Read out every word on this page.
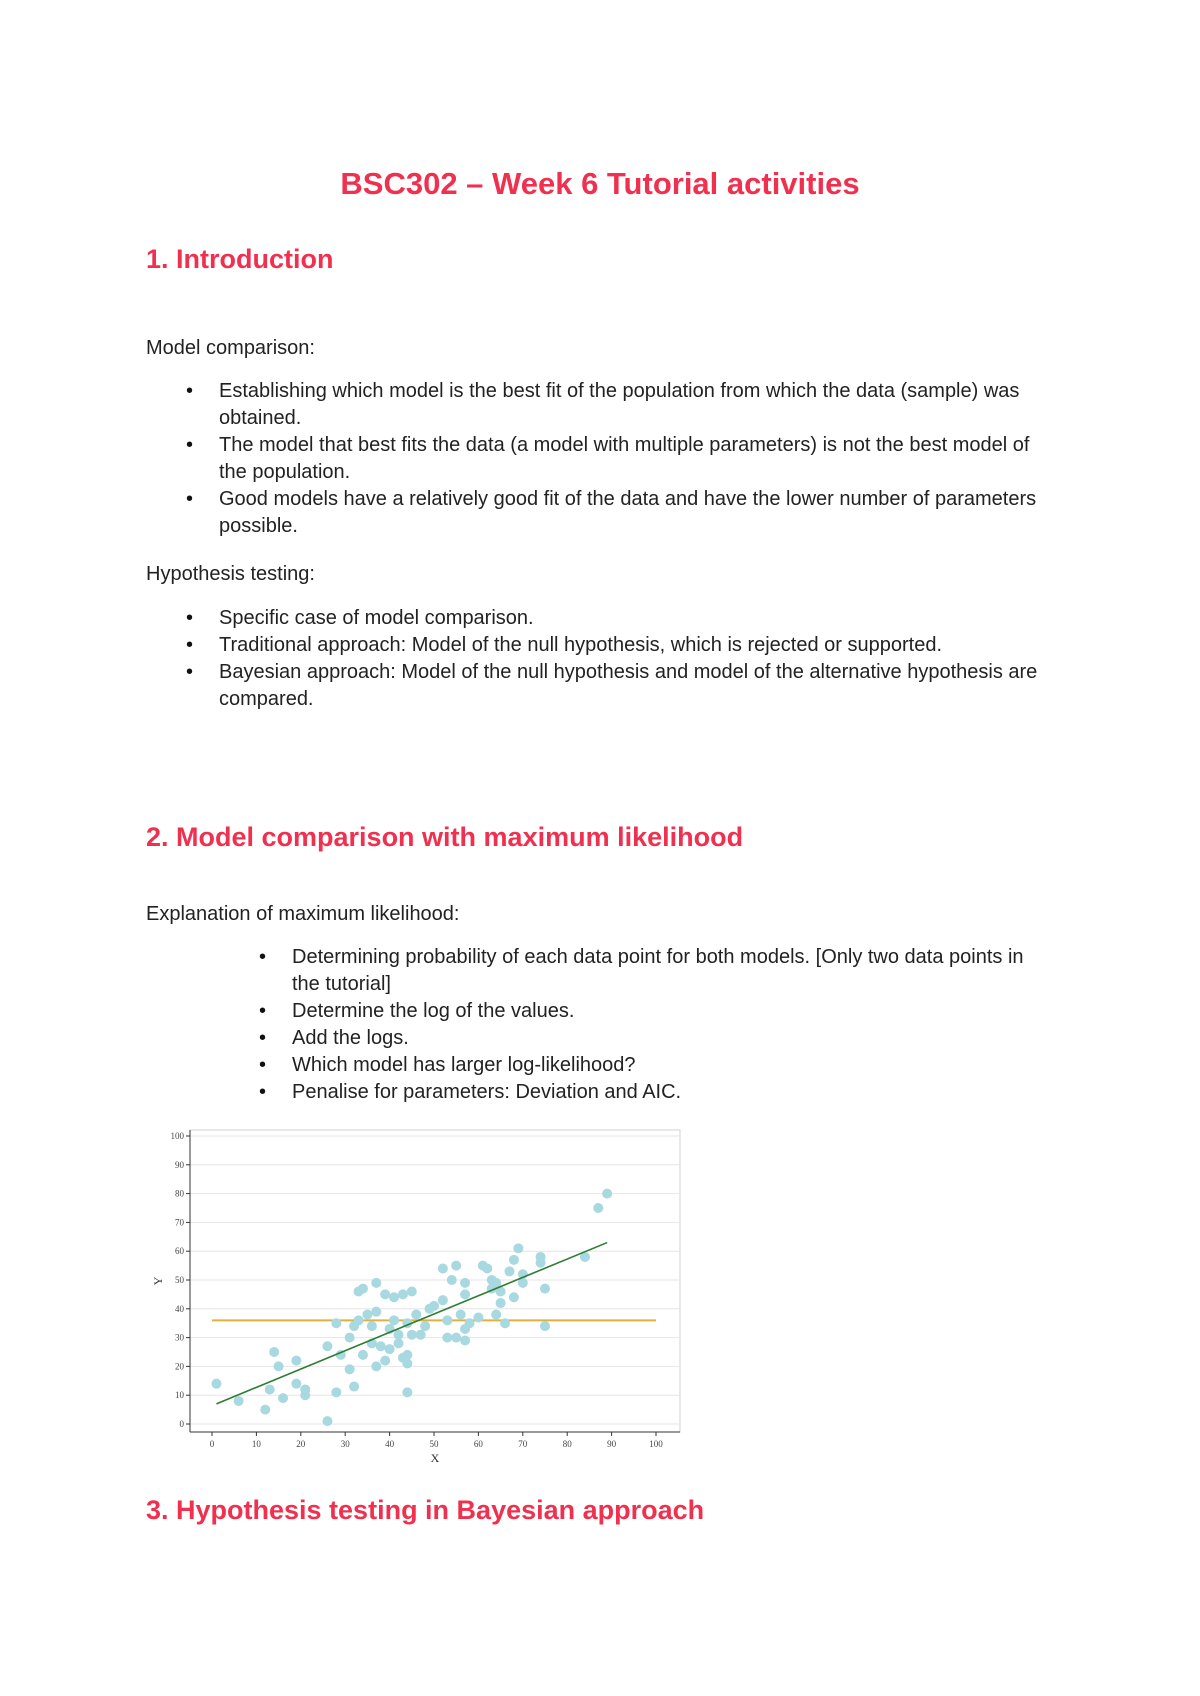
BSC302 – Week 6 Tutorial activities
1. Introduction

Model comparison:

• Establishing which model is the best fit of the population from which the data (sample) was obtained.
• The model that best fits the data (a model with multiple parameters) is not the best model of the population.
• Good models have a relatively good fit of the data and have the lower number of parameters possible.

Hypothesis testing:

• Specific case of model comparison.
• Traditional approach: Model of the null hypothesis, which is rejected or supported.
• Bayesian approach: Model of the null hypothesis and model of the alternative hypothesis are compared.
2. Model comparison with maximum likelihood

Explanation of maximum likelihood:

• Determining probability of each data point for both models. [Only two data points in the tutorial]
• Determine the log of the values.
• Add the logs.
• Which model has larger log-likelihood?
• Penalise for parameters: Deviation and AIC.
0
10
20
30
40
50
60
70
80
90
100
0	10	20	30	40	50	60	70	80	90	100
X
Y
3. Hypothesis testing in Bayesian approach
